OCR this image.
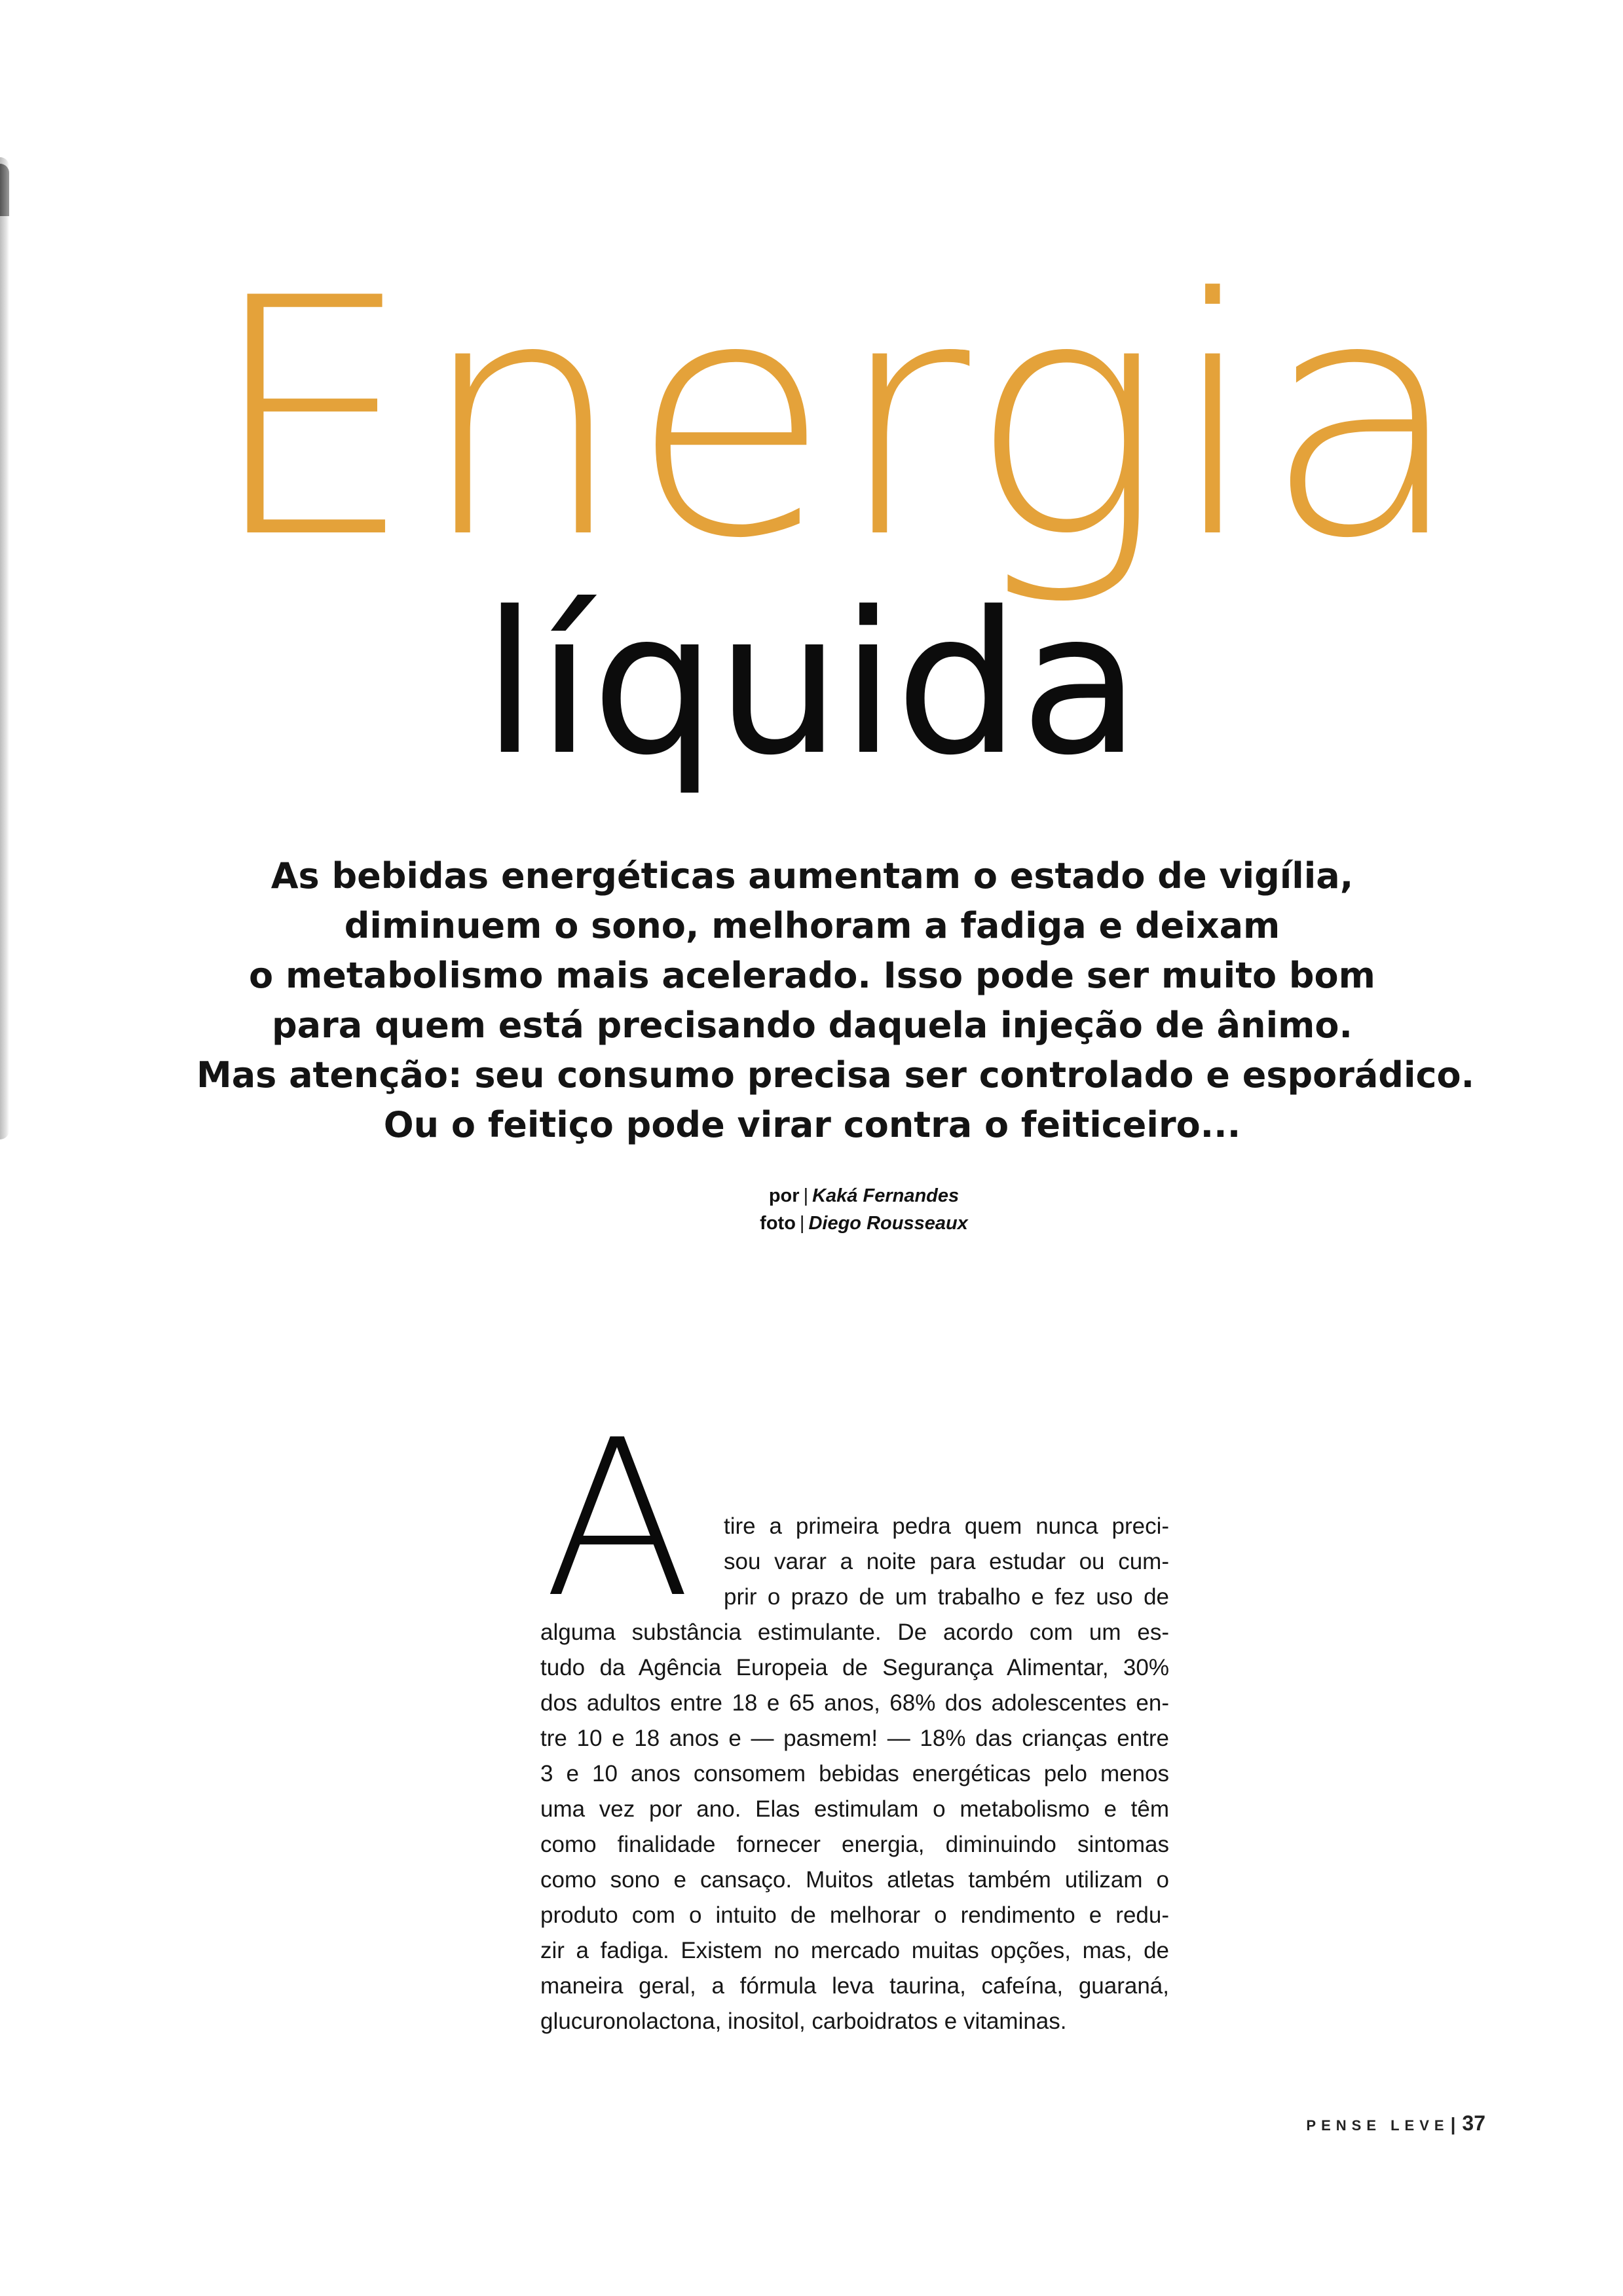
Energia
líquida
As bebidas energéticas aumentam o estado de vigília,
diminuem o sono, melhoram a fadiga e deixam
o metabolismo mais acelerado. Isso pode ser muito bom
para quem está precisando daquela injeção de ânimo.
Mas atenção: seu consumo precisa ser controlado e esporádico.
Ou o feitiço pode virar contra o feiticeiro...
por | Kaká Fernandes
foto | Diego Rousseaux
A tire a primeira pedra quem nunca preci-
sou varar a noite para estudar ou cum-
prir o prazo de um trabalho e fez uso de
alguma substância estimulante. De acordo com um es-
tudo da Agência Europeia de Segurança Alimentar, 30%
dos adultos entre 18 e 65 anos, 68% dos adolescentes en-
tre 10 e 18 anos e — pasmem! — 18% das crianças entre
3 e 10 anos consomem bebidas energéticas pelo menos
uma vez por ano. Elas estimulam o metabolismo e têm
como finalidade fornecer energia, diminuindo sintomas
como sono e cansaço. Muitos atletas também utilizam o
produto com o intuito de melhorar o rendimento e redu-
zir a fadiga. Existem no mercado muitas opções, mas, de
maneira geral, a fórmula leva taurina, cafeína, guaraná,
glucuronolactona, inositol, carboidratos e vitaminas.
PENSE LEVE| 37
